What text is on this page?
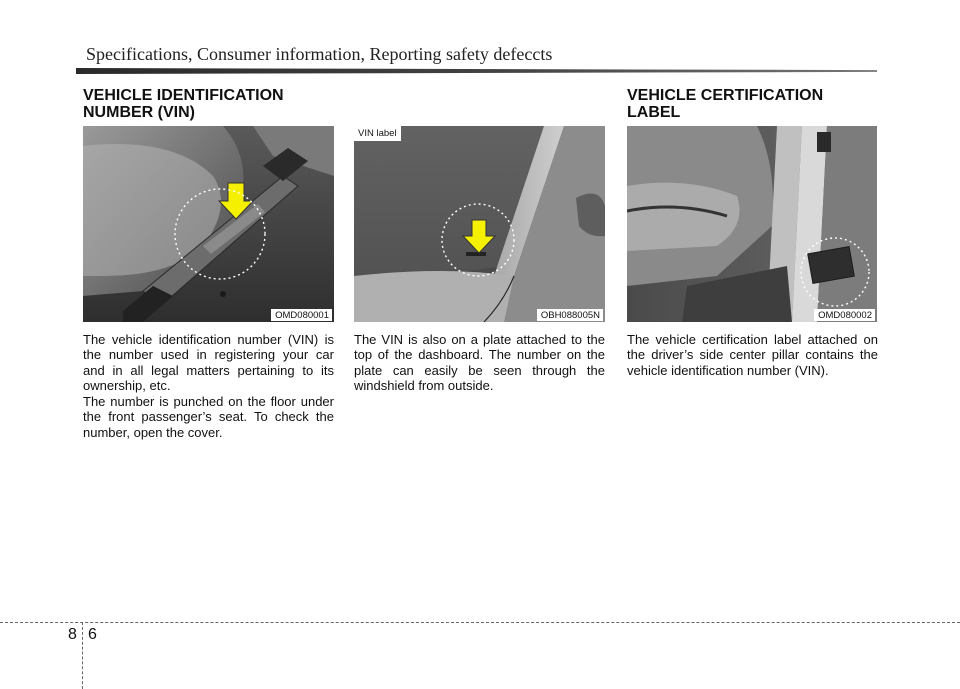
Specifications, Consumer information, Reporting safety defeccts
VEHICLE IDENTIFICATION
NUMBER (VIN)
OMD080001

The vehicle identification number (VIN) is the number used in registering your car and in all legal matters pertaining to its ownership, etc.

The number is punched on the floor under the front passenger’s seat. To check the number, open the cover.

VIN label
OBH088005N

The VIN is also on a plate attached to the top of the dashboard. The number on the plate can easily be seen through the windshield from outside.

VEHICLE CERTIFICATION
LABEL
OMD080002

The vehicle certification label attached on the driver’s side center pillar contains the vehicle identification number (VIN).

8 6
